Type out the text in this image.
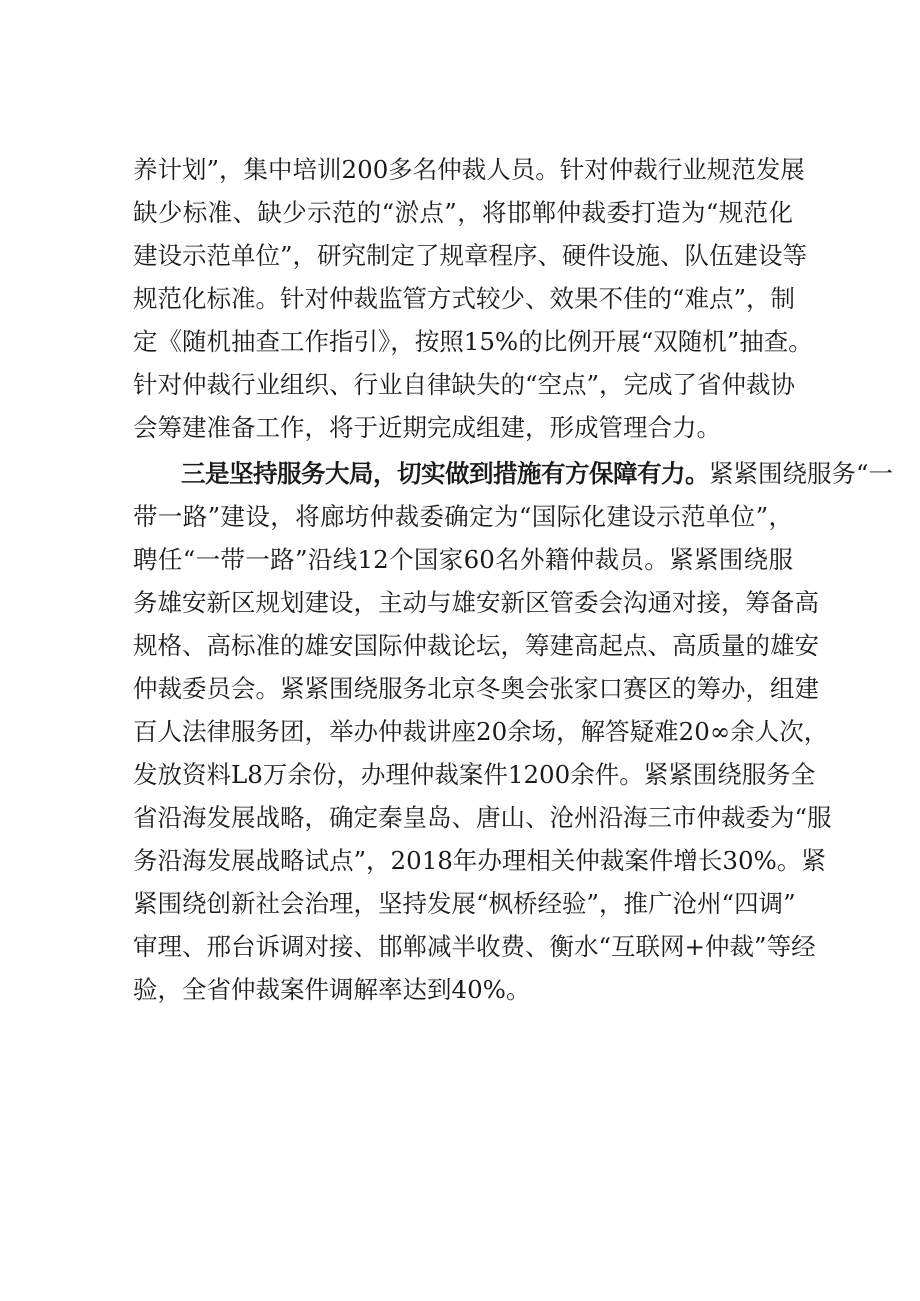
养计划”，集中培训200多名仲裁人员。针对仲裁行业规范发展
缺少标准、缺少示范的“淤点”，将邯郸仲裁委打造为“规范化
建设示范单位”，研究制定了规章程序、硬件设施、队伍建设等
规范化标准。针对仲裁监管方式较少、效果不佳的“难点”，制
定《随机抽查工作指引》，按照15%的比例开展“双随机”抽查。
针对仲裁行业组织、行业自律缺失的“空点”，完成了省仲裁协
会筹建准备工作，将于近期完成组建，形成管理合力。
三是坚持服务大局，切实做到措施有方保障有力。紧紧围绕服务“一
带一路”建设，将廊坊仲裁委确定为“国际化建设示范单位”，
聘任“一带一路”沿线12个国家60名外籍仲裁员。紧紧围绕服
务雄安新区规划建设，主动与雄安新区管委会沟通对接，筹备高
规格、高标准的雄安国际仲裁论坛，筹建高起点、高质量的雄安
仲裁委员会。紧紧围绕服务北京冬奥会张家口赛区的筹办，组建
百人法律服务团，举办仲裁讲座20余场，解答疑难20∞余人次，
发放资料L8万余份，办理仲裁案件1200余件。紧紧围绕服务全
省沿海发展战略，确定秦皇岛、唐山、沧州沿海三市仲裁委为“服
务沿海发展战略试点”，2018年办理相关仲裁案件增长30%。紧
紧围绕创新社会治理，坚持发展“枫桥经验”，推广沧州“四调”
审理、邢台诉调对接、邯郸减半收费、衡水“互联网+仲裁”等经
验，全省仲裁案件调解率达到40%。
